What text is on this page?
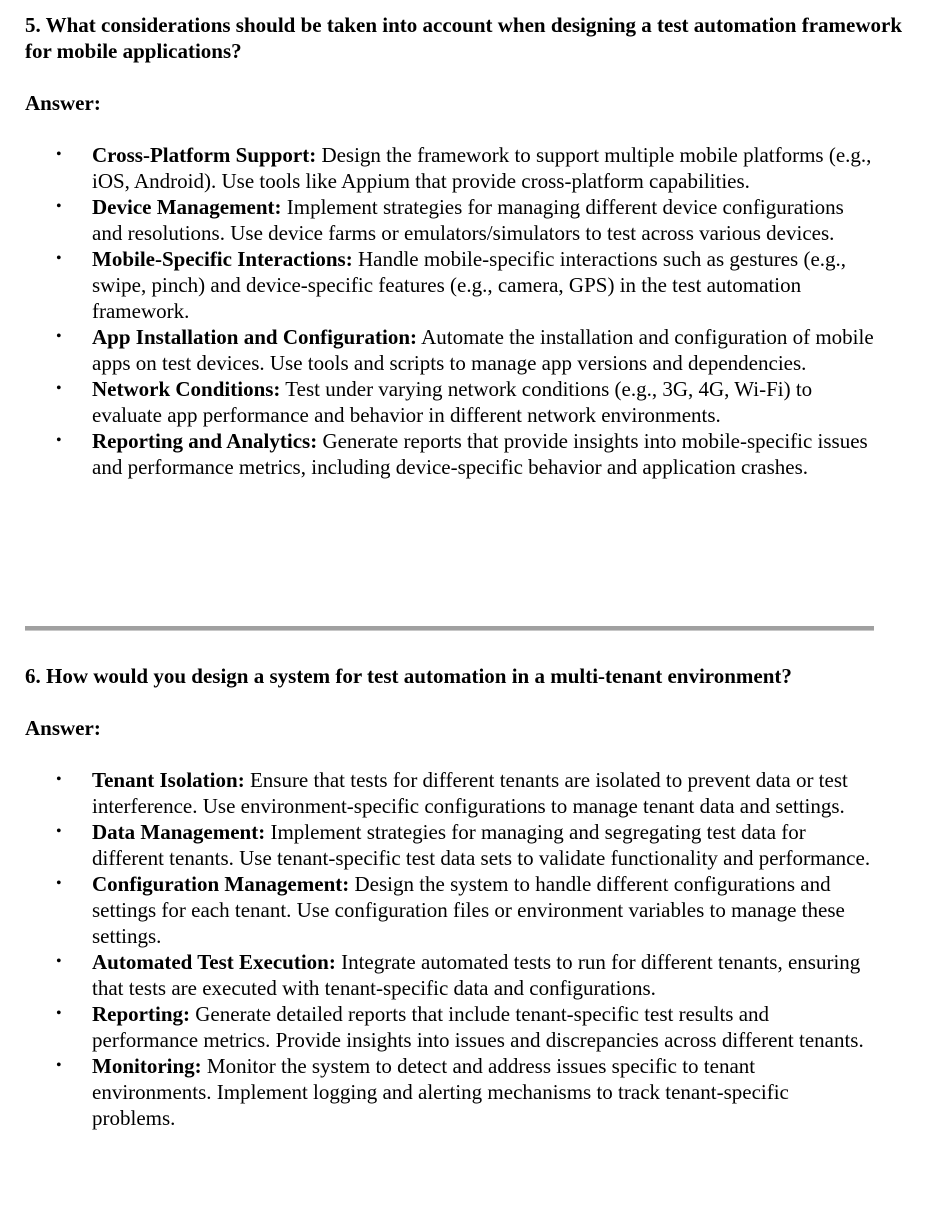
5. What considerations should be taken into account when designing a test automation framework for mobile applications?

Answer:

• Cross-Platform Support: Design the framework to support multiple mobile platforms (e.g., iOS, Android). Use tools like Appium that provide cross-platform capabilities.
• Device Management: Implement strategies for managing different device configurations and resolutions. Use device farms or emulators/simulators to test across various devices.
• Mobile-Specific Interactions: Handle mobile-specific interactions such as gestures (e.g., swipe, pinch) and device-specific features (e.g., camera, GPS) in the test automation framework.
• App Installation and Configuration: Automate the installation and configuration of mobile apps on test devices. Use tools and scripts to manage app versions and dependencies.
• Network Conditions: Test under varying network conditions (e.g., 3G, 4G, Wi-Fi) to evaluate app performance and behavior in different network environments.
• Reporting and Analytics: Generate reports that provide insights into mobile-specific issues and performance metrics, including device-specific behavior and application crashes.
6. How would you design a system for test automation in a multi-tenant environment?

Answer:

• Tenant Isolation: Ensure that tests for different tenants are isolated to prevent data or test interference. Use environment-specific configurations to manage tenant data and settings.
• Data Management: Implement strategies for managing and segregating test data for different tenants. Use tenant-specific test data sets to validate functionality and performance.
• Configuration Management: Design the system to handle different configurations and settings for each tenant. Use configuration files or environment variables to manage these settings.
• Automated Test Execution: Integrate automated tests to run for different tenants, ensuring that tests are executed with tenant-specific data and configurations.
• Reporting: Generate detailed reports that include tenant-specific test results and performance metrics. Provide insights into issues and discrepancies across different tenants.
• Monitoring: Monitor the system to detect and address issues specific to tenant environments. Implement logging and alerting mechanisms to track tenant-specific problems.
